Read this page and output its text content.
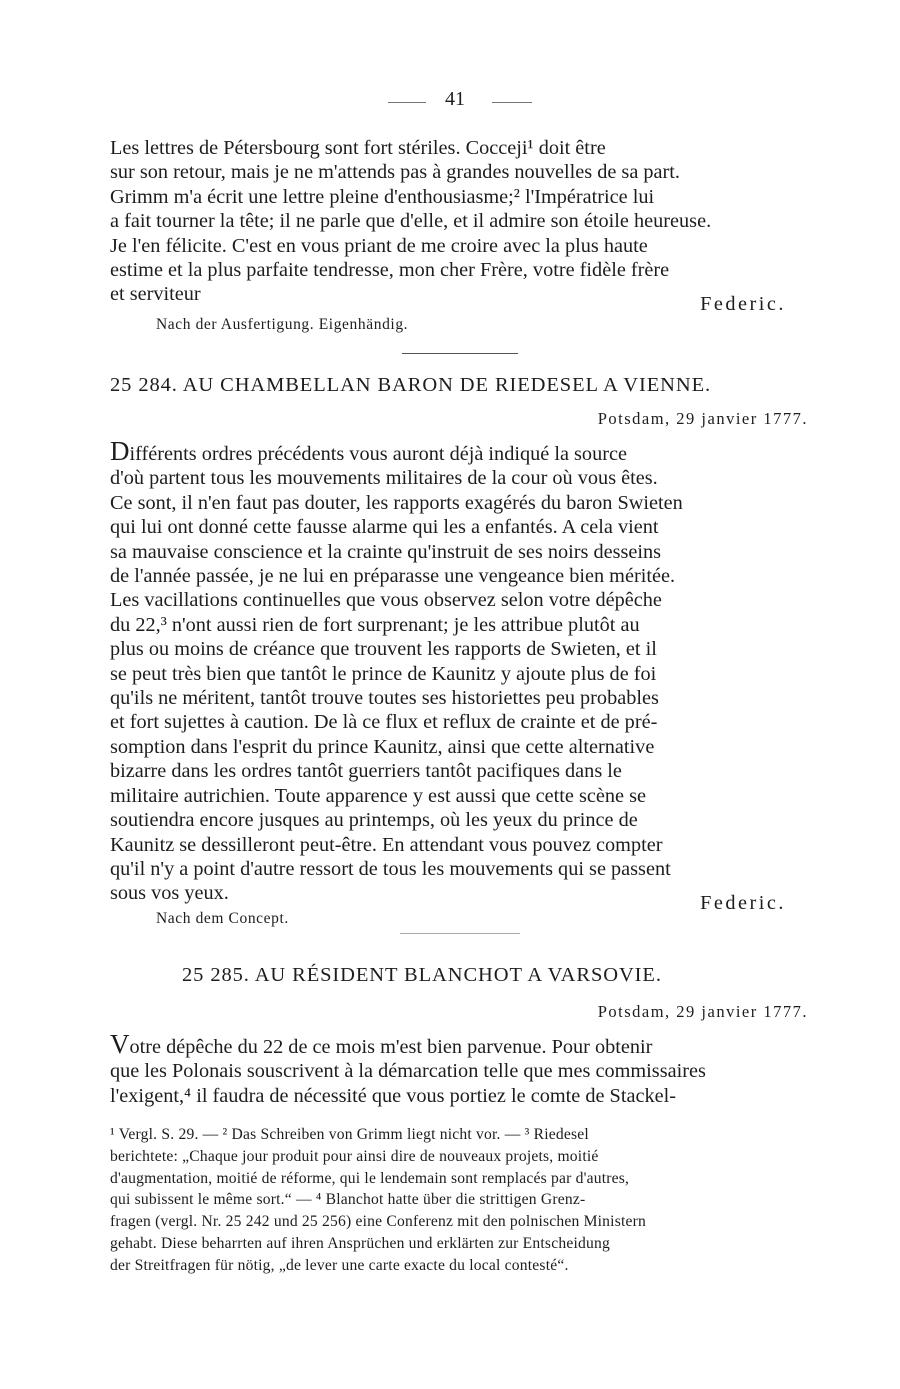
41

Les lettres de Pétersbourg sont fort stériles. Cocceji¹ doit être
sur son retour, mais je ne m'attends pas à grandes nouvelles de sa part.
Grimm m'a écrit une lettre pleine d'enthousiasme;² l'Impératrice lui
a fait tourner la tête; il ne parle que d'elle, et il admire son étoile heureuse.
Je l'en félicite. C'est en vous priant de me croire avec la plus haute
estime et la plus parfaite tendresse, mon cher Frère, votre fidèle frère

et serviteur	Federic.

Nach der Ausfertigung. Eigenhändig.
25 284. AU CHAMBELLAN BARON DE RIEDESEL A VIENNE.
Potsdam, 29 janvier 1777.

Différents ordres précédents vous auront déjà indiqué la source
d'où partent tous les mouvements militaires de la cour où vous êtes.
Ce sont, il n'en faut pas douter, les rapports exagérés du baron Swieten
qui lui ont donné cette fausse alarme qui les a enfantés. A cela vient
sa mauvaise conscience et la crainte qu'instruit de ses noirs desseins
de l'année passée, je ne lui en préparasse une vengeance bien méritée.
Les vacillations continuelles que vous observez selon votre dépêche
du 22,³ n'ont aussi rien de fort surprenant; je les attribue plutôt au
plus ou moins de créance que trouvent les rapports de Swieten, et il
se peut très bien que tantôt le prince de Kaunitz y ajoute plus de foi
qu'ils ne méritent, tantôt trouve toutes ses historiettes peu probables
et fort sujettes à caution. De là ce flux et reflux de crainte et de pré-
somption dans l'esprit du prince Kaunitz, ainsi que cette alternative
bizarre dans les ordres tantôt guerriers tantôt pacifiques dans le
militaire autrichien. Toute apparence y est aussi que cette scène se
soutiendra encore jusques au printemps, où les yeux du prince de
Kaunitz se dessilleront peut-être. En attendant vous pouvez compter
qu'il n'y a point d'autre ressort de tous les mouvements qui se passent

sous vos yeux.	Federic.

Nach dem Concept.
25 285. AU RÉSIDENT BLANCHOT A VARSOVIE.
Potsdam, 29 janvier 1777.

Votre dépêche du 22 de ce mois m'est bien parvenue. Pour obtenir
que les Polonais souscrivent à la démarcation telle que mes commissaires
l'exigent,⁴ il faudra de nécessité que vous portiez le comte de Stackel-

¹ Vergl. S. 29. — ² Das Schreiben von Grimm liegt nicht vor. — ³ Riedesel
berichtete: „Chaque jour produit pour ainsi dire de nouveaux projets, moitié
d'augmentation, moitié de réforme, qui le lendemain sont remplacés par d'autres,
qui subissent le même sort.“ — ⁴ Blanchot hatte über die strittigen Grenz-
fragen (vergl. Nr. 25 242 und 25 256) eine Conferenz mit den polnischen Ministern
gehabt. Diese beharrten auf ihren Ansprüchen und erklärten zur Entscheidung
der Streitfragen für nötig, „de lever une carte exacte du local contesté“.
